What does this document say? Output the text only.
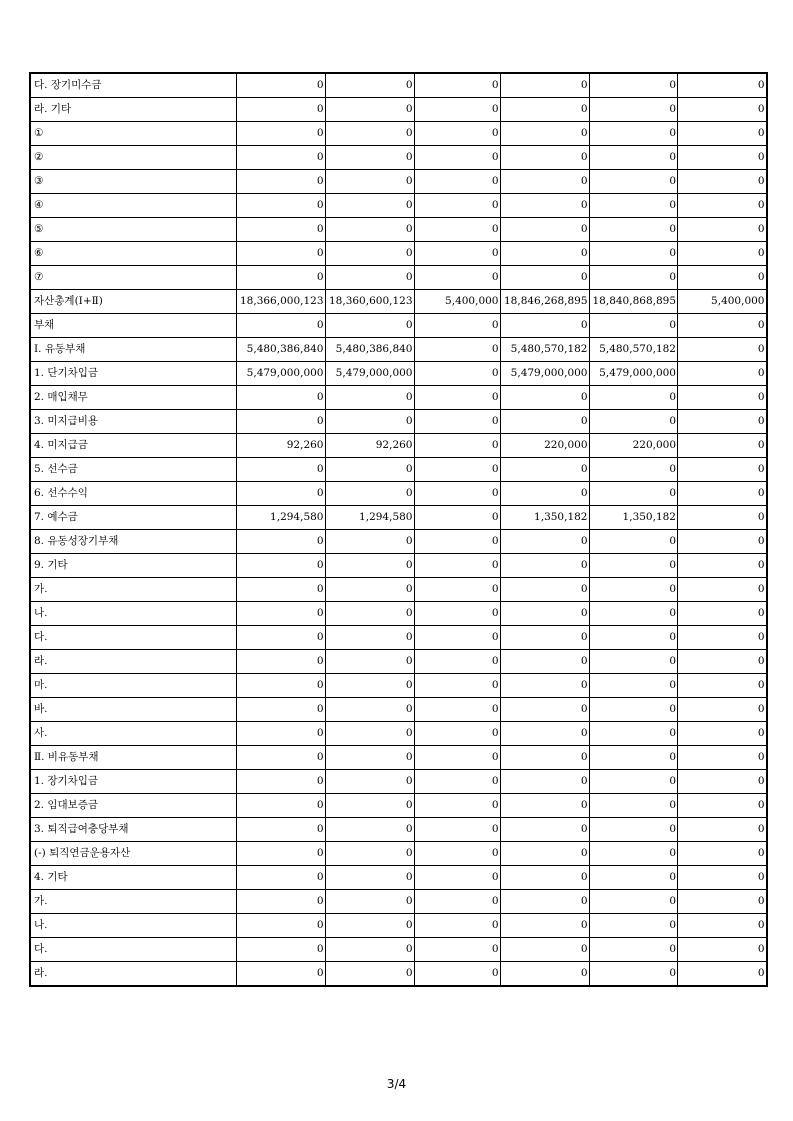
다. 장기미수금	0	0	0	0	0	0
라. 기타	0	0	0	0	0	0
①	0	0	0	0	0	0
②	0	0	0	0	0	0
③	0	0	0	0	0	0
④	0	0	0	0	0	0
⑤	0	0	0	0	0	0
⑥	0	0	0	0	0	0
⑦	0	0	0	0	0	0
자산총계(Ⅰ+Ⅱ)	18,366,000,123	18,360,600,123	5,400,000	18,846,268,895	18,840,868,895	5,400,000
부채	0	0	0	0	0	0
Ⅰ. 유동부채	5,480,386,840	5,480,386,840	0	5,480,570,182	5,480,570,182	0
1. 단기차입금	5,479,000,000	5,479,000,000	0	5,479,000,000	5,479,000,000	0
2. 매입채무	0	0	0	0	0	0
3. 미지급비용	0	0	0	0	0	0
4. 미지급금	92,260	92,260	0	220,000	220,000	0
5. 선수금	0	0	0	0	0	0
6. 선수수익	0	0	0	0	0	0
7. 예수금	1,294,580	1,294,580	0	1,350,182	1,350,182	0
8. 유동성장기부채	0	0	0	0	0	0
9. 기타	0	0	0	0	0	0
가.	0	0	0	0	0	0
나.	0	0	0	0	0	0
다.	0	0	0	0	0	0
라.	0	0	0	0	0	0
마.	0	0	0	0	0	0
바.	0	0	0	0	0	0
사.	0	0	0	0	0	0
Ⅱ. 비유동부채	0	0	0	0	0	0
1. 장기차입금	0	0	0	0	0	0
2. 임대보증금	0	0	0	0	0	0
3. 퇴직급여충당부채	0	0	0	0	0	0
(-) 퇴직연금운용자산	0	0	0	0	0	0
4. 기타	0	0	0	0	0	0
가.	0	0	0	0	0	0
나.	0	0	0	0	0	0
다.	0	0	0	0	0	0
라.	0	0	0	0	0	0
3/4
